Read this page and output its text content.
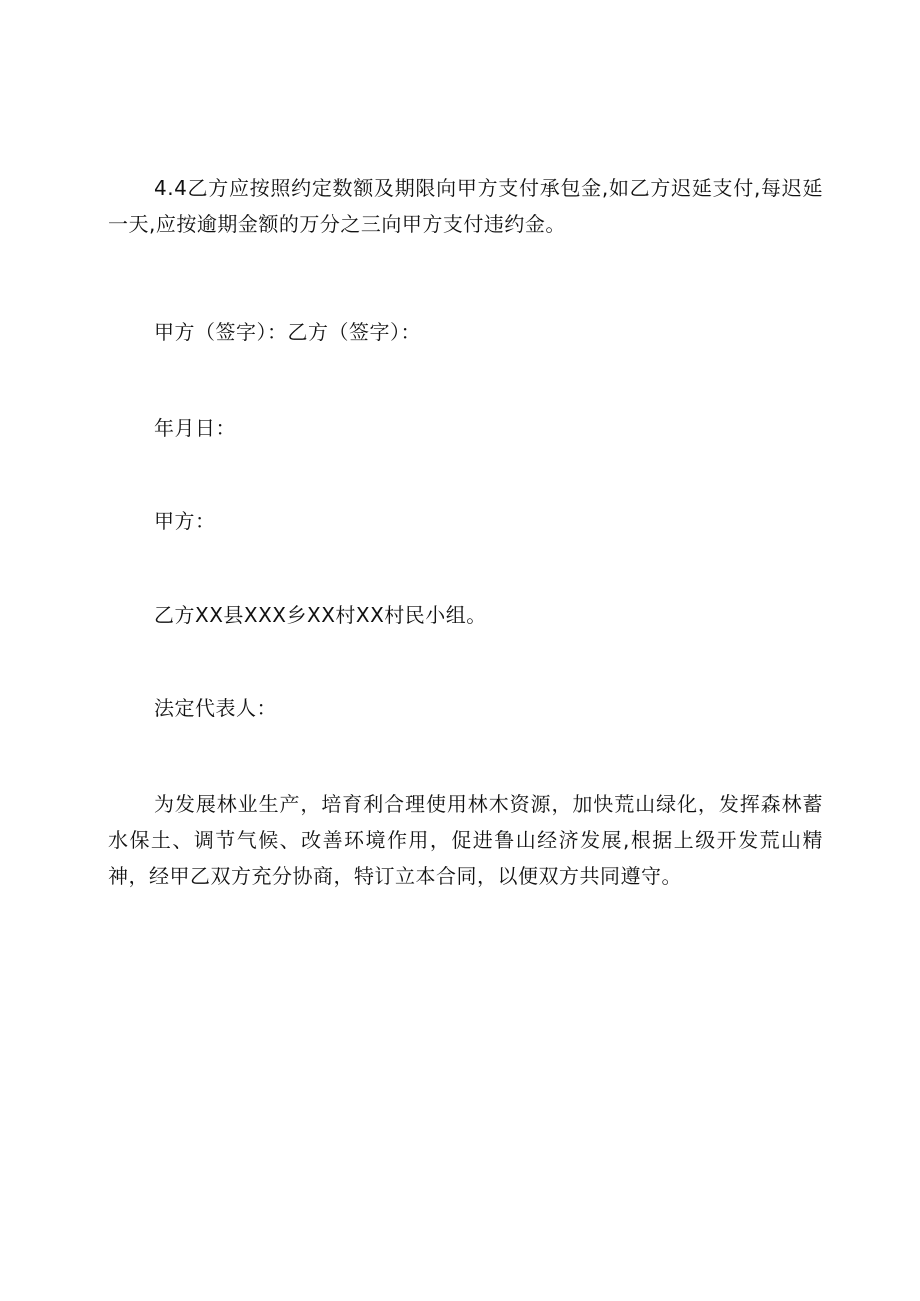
4.4乙方应按照约定数额及期限向甲方支付承包金,如乙方迟延支付,每迟延一天,应按逾期金额的万分之三向甲方支付违约金。

甲方（签字）：乙方（签字）：

年月日：

甲方：

乙方XX县XXX乡XX村XX村民小组。

法定代表人：

为发展林业生产，培育利合理使用林木资源，加快荒山绿化，发挥森林蓄水保土、调节气候、改善环境作用，促进鲁山经济发展,根据上级开发荒山精神，经甲乙双方充分协商，特订立本合同，以便双方共同遵守。
